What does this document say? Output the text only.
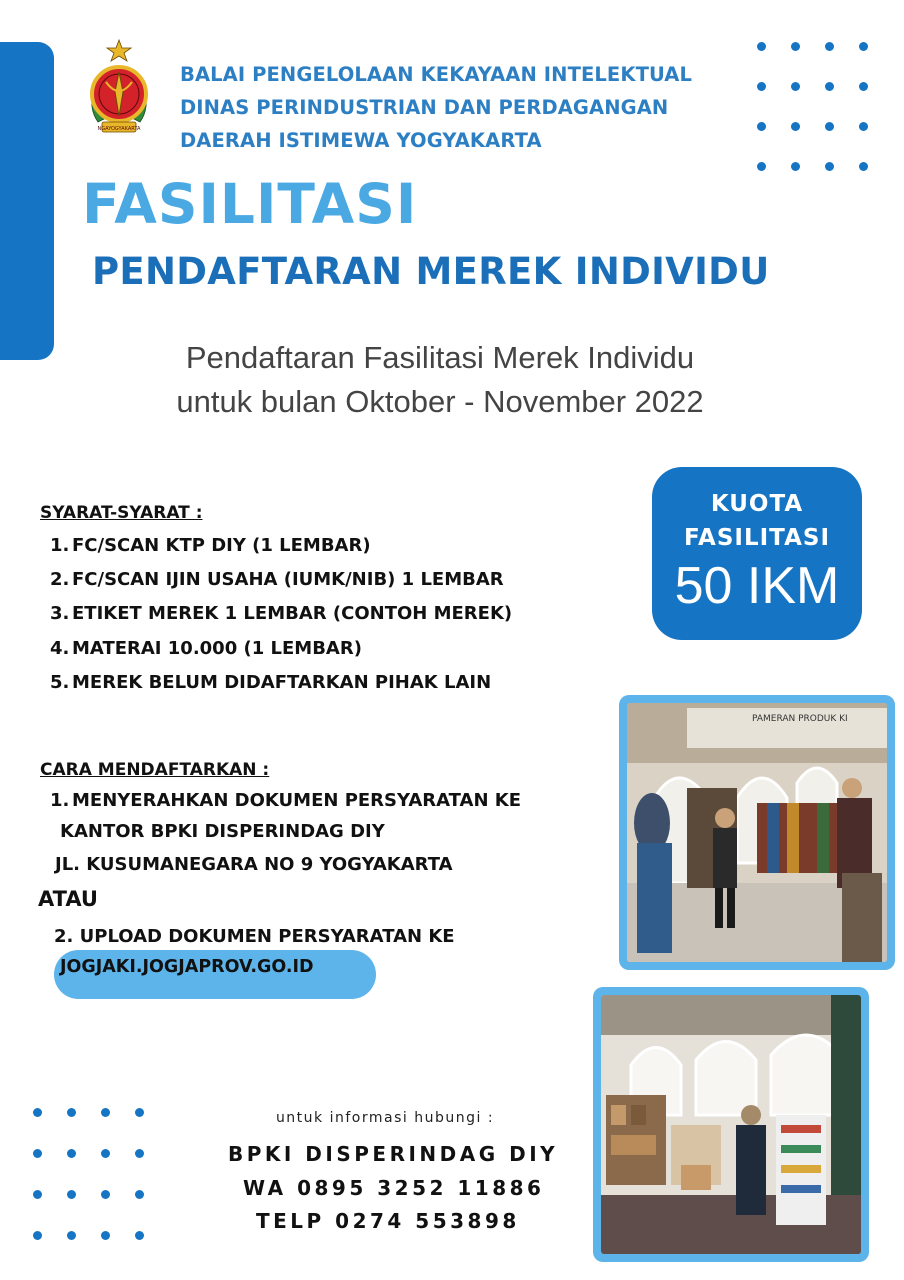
NGAYOGYAKARTA
BALAI PENGELOLAAN KEKAYAAN INTELEKTUAL
DINAS PERINDUSTRIAN DAN PERDAGANGAN
DAERAH ISTIMEWA YOGYAKARTA
FASILITASI
PENDAFTARAN MEREK INDIVIDU
Pendaftaran Fasilitasi Merek Individu
untuk bulan Oktober - November 2022
KUOTA
FASILITASI
50 IKM
SYARAT-SYARAT :
1. FC/SCAN KTP DIY (1 LEMBAR)
2. FC/SCAN IJIN USAHA (IUMK/NIB) 1 LEMBAR
3. ETIKET MEREK 1 LEMBAR (CONTOH MEREK)
4. MATERAI 10.000 (1 LEMBAR)
5. MEREK BELUM DIDAFTARKAN PIHAK LAIN
CARA MENDAFTARKAN :
1. MENYERAHKAN DOKUMEN PERSYARATAN KE
KANTOR BPKI DISPERINDAG DIY
JL. KUSUMANEGARA NO 9 YOGYAKARTA
ATAU
2. UPLOAD DOKUMEN PERSYARATAN KE
JOGJAKI.JOGJAPROV.GO.ID
PAMERAN PRODUK KI
untuk informasi hubungi :
BPKI DISPERINDAG DIY
WA 0895 3252 11886
TELP 0274 553898
